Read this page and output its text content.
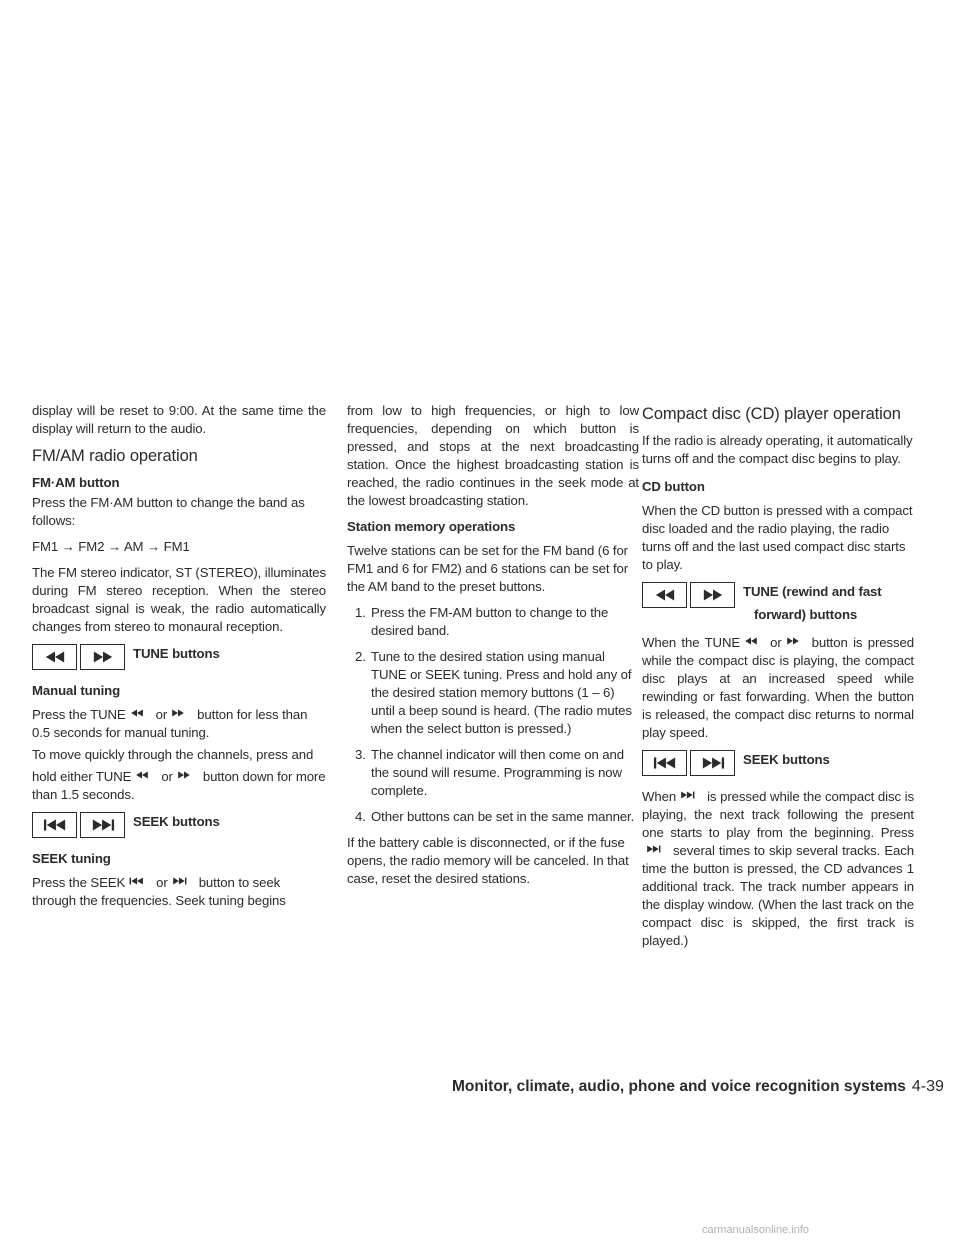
display will be reset to 9:00. At the same time the display will return to the audio.

FM/AM radio operation
FM·AM button

Press the FM·AM button to change the band as follows:

FM1 → FM2 → AM → FM1

The FM stereo indicator, ST (STEREO), illuminates during FM stereo reception. When the stereo broadcast signal is weak, the radio automatically changes from stereo to monaural reception.

TUNE buttons
Manual tuning

Press the TUNE or button for less than 0.5 seconds for manual tuning.

To move quickly through the channels, press and

hold either TUNE or button down for more than 1.5 seconds.

SEEK buttons
SEEK tuning

Press the SEEK or button to seek through the frequencies. Seek tuning begins

from low to high frequencies, or high to low frequencies, depending on which button is pressed, and stops at the next broadcasting station. Once the highest broadcasting station is reached, the radio continues in the seek mode at the lowest broadcasting station.

Station memory operations

Twelve stations can be set for the FM band (6 for FM1 and 6 for FM2) and 6 stations can be set for the AM band to the preset buttons.

1. Press the FM-AM button to change to the desired band.
2. Tune to the desired station using manual TUNE or SEEK tuning. Press and hold any of the desired station memory buttons (1 – 6) until a beep sound is heard. (The radio mutes when the select button is pressed.)
3. The channel indicator will then come on and the sound will resume. Programming is now complete.
4. Other buttons can be set in the same manner.

If the battery cable is disconnected, or if the fuse opens, the radio memory will be canceled. In that case, reset the desired stations.

Compact disc (CD) player operation

If the radio is already operating, it automatically turns off and the compact disc begins to play.

CD button

When the CD button is pressed with a compact disc loaded and the radio playing, the radio turns off and the last used compact disc starts to play.

TUNE (rewind and fast
forward) buttons

When the TUNE or button is pressed while the compact disc is playing, the compact disc plays at an increased speed while rewinding or fast forwarding. When the button is released, the compact disc returns to normal play speed.

SEEK buttons

When is pressed while the compact disc is playing, the next track following the present one starts to play from the beginning. Pressseveral times to skip several tracks. Each time the button is pressed, the CD advances 1 additional track. The track number appears in the display window. (When the last track on the compact disc is skipped, the first track is played.)

Monitor, climate, audio, phone and voice recognition systems 4-39
carmanualsonline.info
